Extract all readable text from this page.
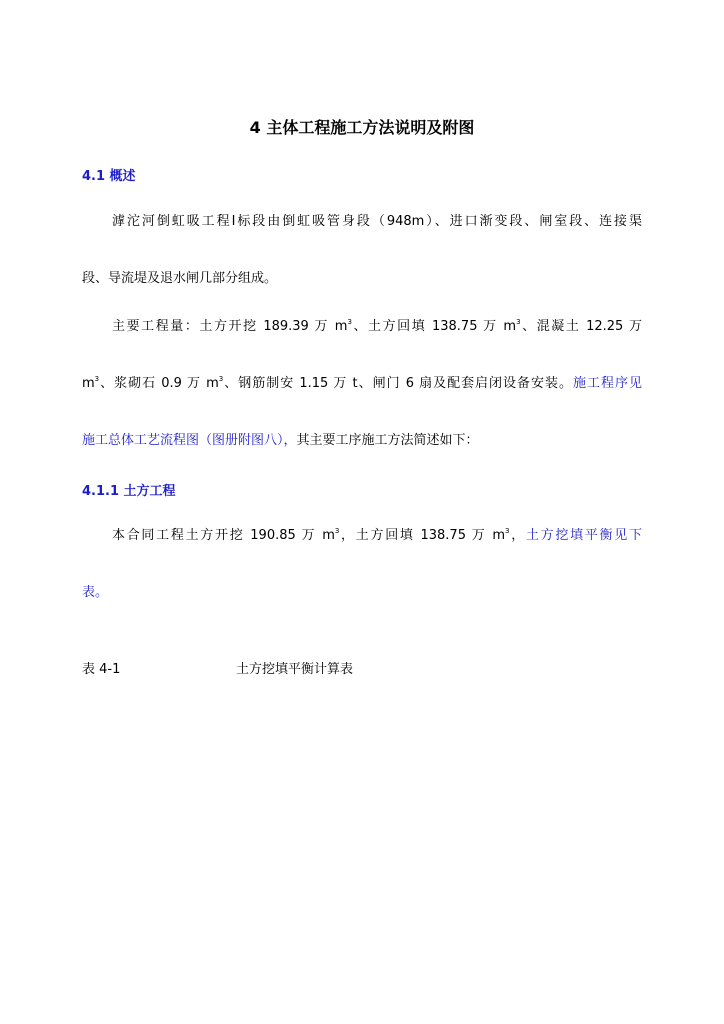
4 主体工程施工方法说明及附图
4.1 概述
滹沱河倒虹吸工程Ⅰ标段由倒虹吸管身段（948m）、进口渐变段、闸室段、连接渠
段、导流堤及退水闸几部分组成。
主要工程量：土方开挖 189.39 万 $m^3$、土方回填 138.75 万 $m^3$、混凝土 12.25 万
$m^3$、浆砌石 0.9 万 $m^3$、钢筋制安 1.15 万 t、闸门 6 扇及配套启闭设备安装。施工程序见
施工总体工艺流程图（图册附图八），其主要工序施工方法简述如下：
4.1.1 土方工程
本合同工程土方开挖 190.85 万 $m^3$，土方回填 138.75 万 $m^3$，土方挖填平衡见下
表。
表 4-1	土方挖填平衡计算表
